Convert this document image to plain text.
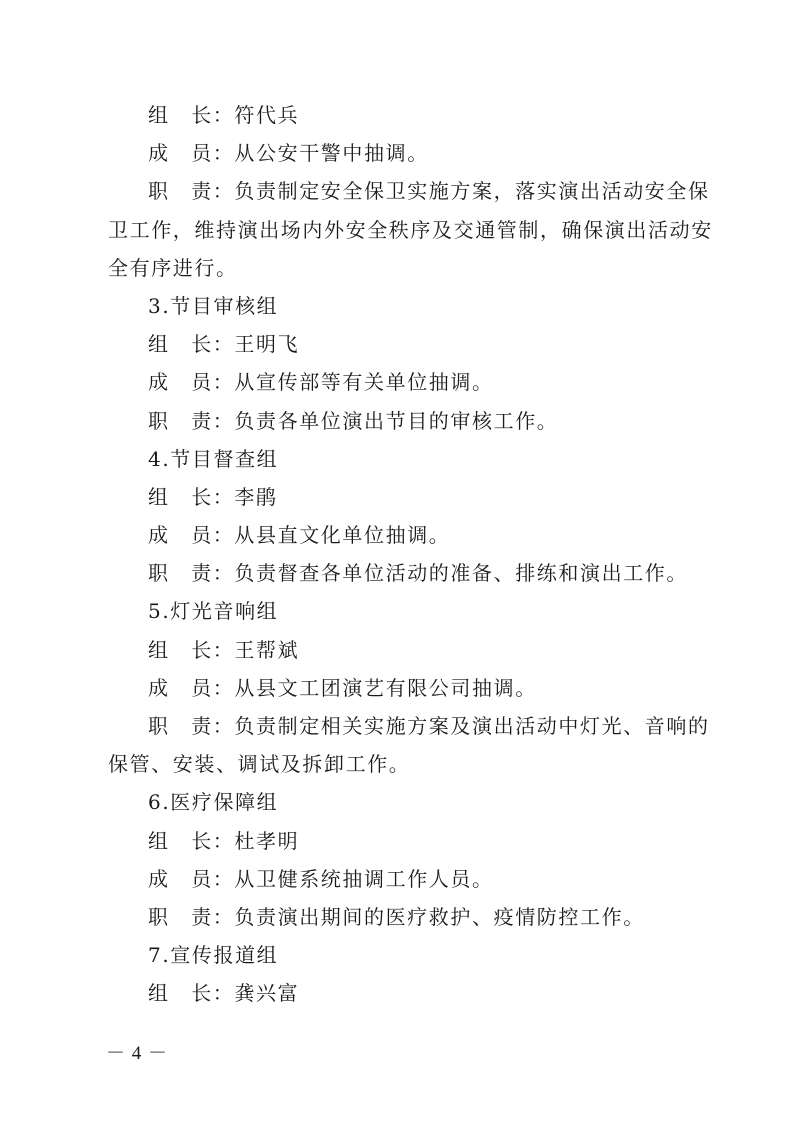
组　长：符代兵
成　员：从公安干警中抽调。
职　责：负责制定安全保卫实施方案，落实演出活动安全保
卫工作，维持演出场内外安全秩序及交通管制，确保演出活动安
全有序进行。
3.节目审核组
组　长：王明飞
成　员：从宣传部等有关单位抽调。
职　责：负责各单位演出节目的审核工作。
4.节目督查组
组　长：李鹃
成　员：从县直文化单位抽调。
职　责：负责督查各单位活动的准备、排练和演出工作。
5.灯光音响组
组　长：王帮斌
成　员：从县文工团演艺有限公司抽调。
职　责：负责制定相关实施方案及演出活动中灯光、音响的
保管、安装、调试及拆卸工作。
6.医疗保障组
组　长：杜孝明
成　员：从卫健系统抽调工作人员。
职　责：负责演出期间的医疗救护、疫情防控工作。
7.宣传报道组
组　长：龚兴富
－ 4 －
